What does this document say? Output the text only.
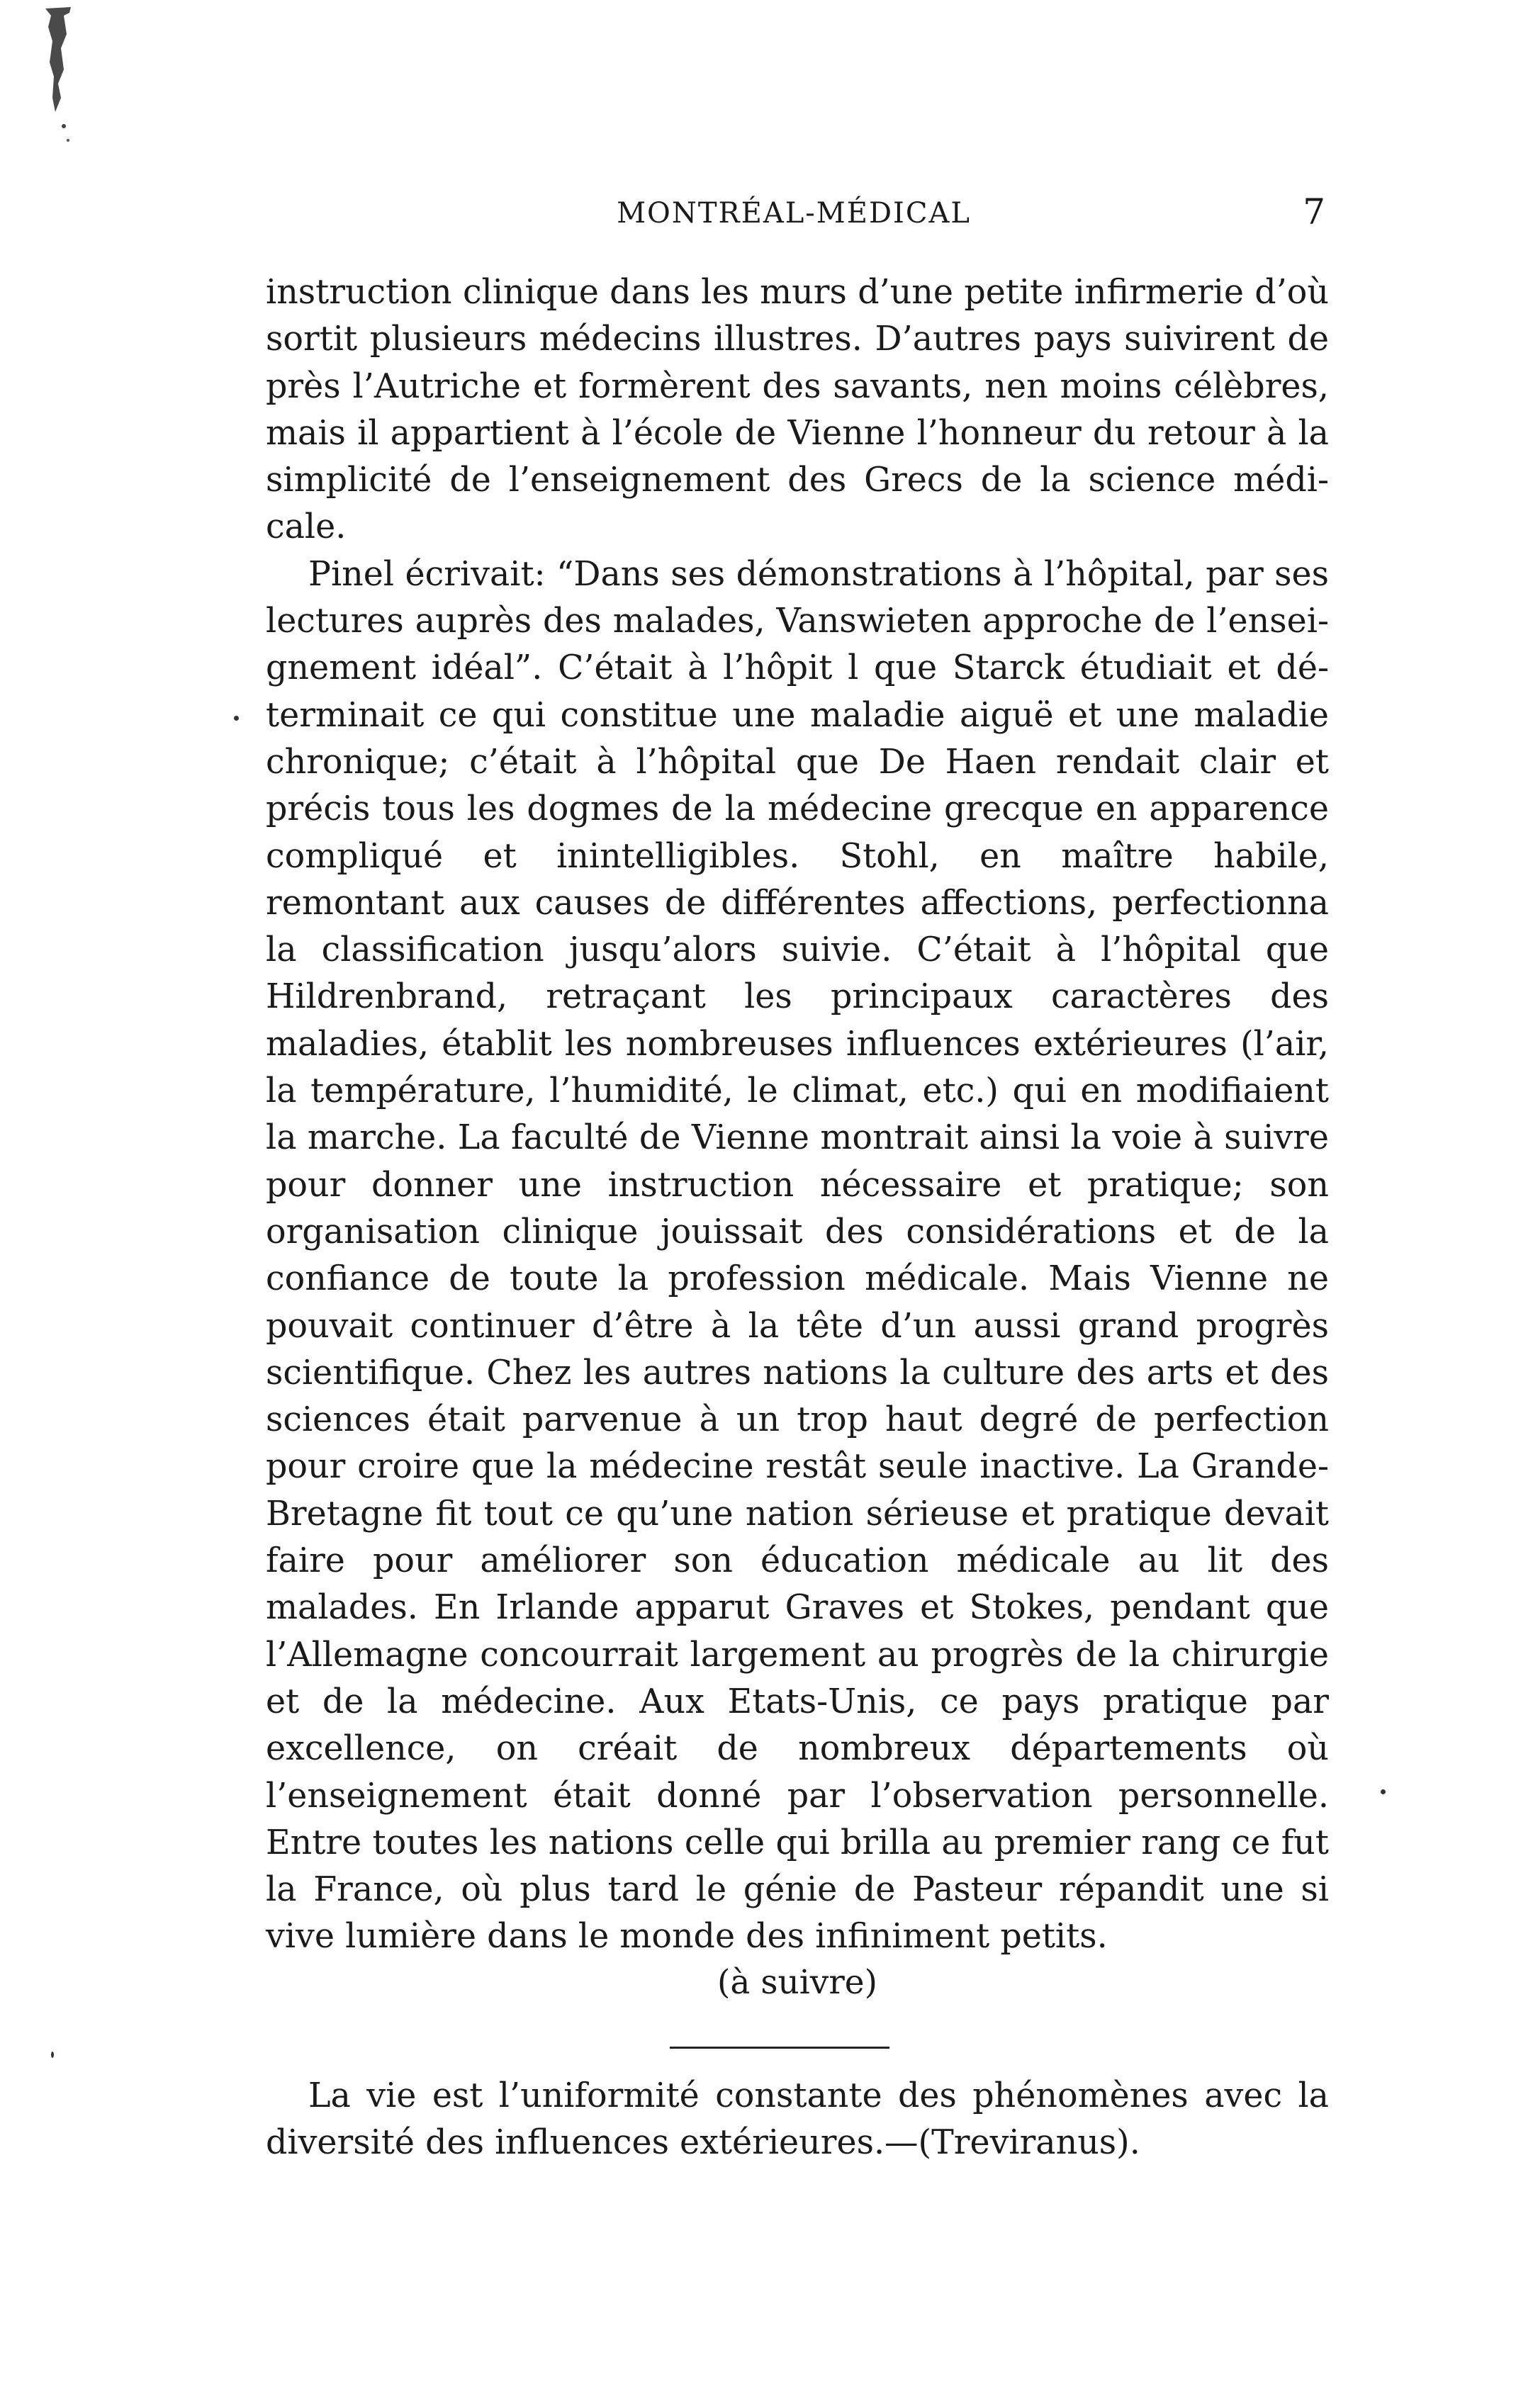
MONTRÉAL-MÉDICAL	7

instruction clinique dans les murs d’une petite infirmerie d’où sortit plusieurs médecins illustres. D’autres pays suivirent de près l’Autriche et formèrent des savants, nen moins célèbres, mais il appartient à l’école de Vienne l’honneur du retour à la simplicité de l’enseignement des Grecs de la science médicale.

Pinel écrivait: “Dans ses démonstrations à l’hôpital, par ses lectures auprès des malades, Vanswieten approche de l’enseignement idéal”. C’était à l’hôpit l que Starck étudiait et déterminait ce qui constitue une maladie aiguë et une maladie chronique; c’était à l’hôpital que De Haen rendait clair et précis tous les dogmes de la médecine grecque en apparence compliqué et inintelligibles. Stohl, en maître habile, remontant aux causes de différentes affections, perfectionna la classification jusqu’alors suivie. C’était à l’hôpital que Hildrenbrand, retraçant les principaux caractères des maladies, établit les nombreuses influences extérieures (l’air, la température, l’humidité, le climat, etc.) qui en modifiaient la marche. La faculté de Vienne montrait ainsi la voie à suivre pour donner une instruction nécessaire et pratique; son organisation clinique jouissait des considérations et de la confiance de toute la profession médicale. Mais Vienne ne pouvait continuer d’être à la tête d’un aussi grand progrès scientifique. Chez les autres nations la culture des arts et des sciences était parvenue à un trop haut degré de perfection pour croire que la médecine restât seule inactive. La Grande-Bretagne fit tout ce qu’une nation sérieuse et pratique devait faire pour améliorer son éducation médicale au lit des malades. En Irlande apparut Graves et Stokes, pendant que l’Allemagne concourrait largement au progrès de la chirurgie et de la médecine. Aux Etats-Unis, ce pays pratique par excellence, on créait de nombreux départements où l’enseignement était donné par l’observation personnelle. Entre toutes les nations celle qui brilla au premier rang ce fut la France, où plus tard le génie de Pasteur répandit une si vive lumière dans le monde des infiniment petits.

(à suivre)
La vie est l’uniformité constante des phénomènes avec la diversité des influences extérieures.—(Treviranus).
